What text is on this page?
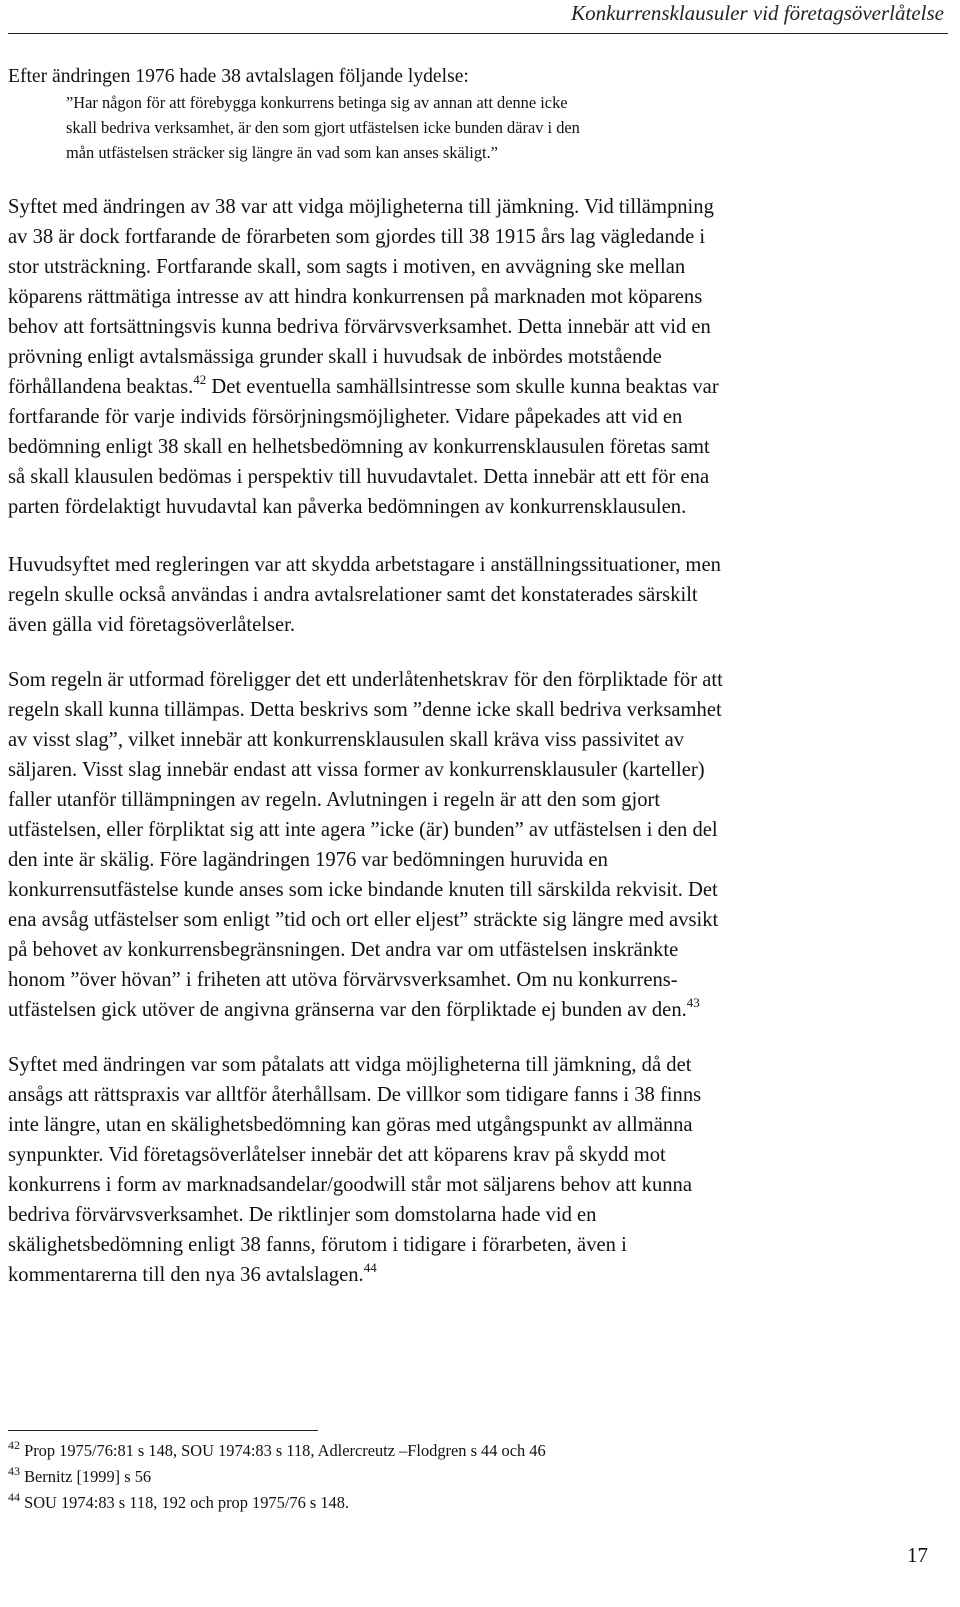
Konkurrensklausuler vid företagsöverlåtelse
Efter ändringen 1976 hade 38 avtalslagen följande lydelse:
”Har någon för att förebygga konkurrens betinga sig av annan att denne icke
skall bedriva verksamhet, är den som gjort utfästelsen icke bunden därav i den
mån utfästelsen sträcker sig längre än vad som kan anses skäligt.”
Syftet med ändringen av 38 var att vidga möjligheterna till jämkning. Vid tillämpning
av 38 är dock fortfarande de förarbeten som gjordes till 38 1915 års lag vägledande i
stor utsträckning. Fortfarande skall, som sagts i motiven, en avvägning ske mellan
köparens rättmätiga intresse av att hindra konkurrensen på marknaden mot köparens
behov att fortsättningsvis kunna bedriva förvärvsverksamhet. Detta innebär att vid en
prövning enligt avtalsmässiga grunder skall i huvudsak de inbördes motstående
förhållandena beaktas.$^{42}$ Det eventuella samhällsintresse som skulle kunna beaktas var
fortfarande för varje individs försörjningsmöjligheter. Vidare påpekades att vid en
bedömning enligt 38 skall en helhetsbedömning av konkurrensklausulen företas samt
så skall klausulen bedömas i perspektiv till huvudavtalet. Detta innebär att ett för ena
parten fördelaktigt huvudavtal kan påverka bedömningen av konkurrensklausulen.
Huvudsyftet med regleringen var att skydda arbetstagare i anställningssituationer, men
regeln skulle också användas i andra avtalsrelationer samt det konstaterades särskilt
även gälla vid företagsöverlåtelser.
Som regeln är utformad föreligger det ett underlåtenhetskrav för den förpliktade för att
regeln skall kunna tillämpas. Detta beskrivs som ”denne icke skall bedriva verksamhet
av visst slag”, vilket innebär att konkurrensklausulen skall kräva viss passivitet av
säljaren. Visst slag innebär endast att vissa former av konkurrensklausuler (karteller)
faller utanför tillämpningen av regeln. Avlutningen i regeln är att den som gjort
utfästelsen, eller förpliktat sig att inte agera ”icke (är) bunden” av utfästelsen i den del
den inte är skälig. Före lagändringen 1976 var bedömningen huruvida en
konkurrensutfästelse kunde anses som icke bindande knuten till särskilda rekvisit. Det
ena avsåg utfästelser som enligt ”tid och ort eller eljest” sträckte sig längre med avsikt
på behovet av konkurrensbegränsningen. Det andra var om utfästelsen inskränkte
honom ”över hövan” i friheten att utöva förvärvsverksamhet. Om nu konkurrens-
utfästelsen gick utöver de angivna gränserna var den förpliktade ej bunden av den.$^{43}$
Syftet med ändringen var som påtalats att vidga möjligheterna till jämkning, då det
ansågs att rättspraxis var alltför återhållsam. De villkor som tidigare fanns i 38 finns
inte längre, utan en skälighetsbedömning kan göras med utgångspunkt av allmänna
synpunkter. Vid företagsöverlåtelser innebär det att köparens krav på skydd mot
konkurrens i form av marknadsandelar/goodwill står mot säljarens behov att kunna
bedriva förvärvsverksamhet. De riktlinjer som domstolarna hade vid en
skälighetsbedömning enligt 38 fanns, förutom i tidigare i förarbeten, även i
kommentarerna till den nya 36 avtalslagen.$^{44}$
$^{42}$ Prop 1975/76:81 s 148, SOU 1974:83 s 118, Adlercreutz –Flodgren s 44 och 46
$^{43}$ Bernitz [1999] s 56
$^{44}$ SOU 1974:83 s 118, 192 och prop 1975/76 s 148.
17
